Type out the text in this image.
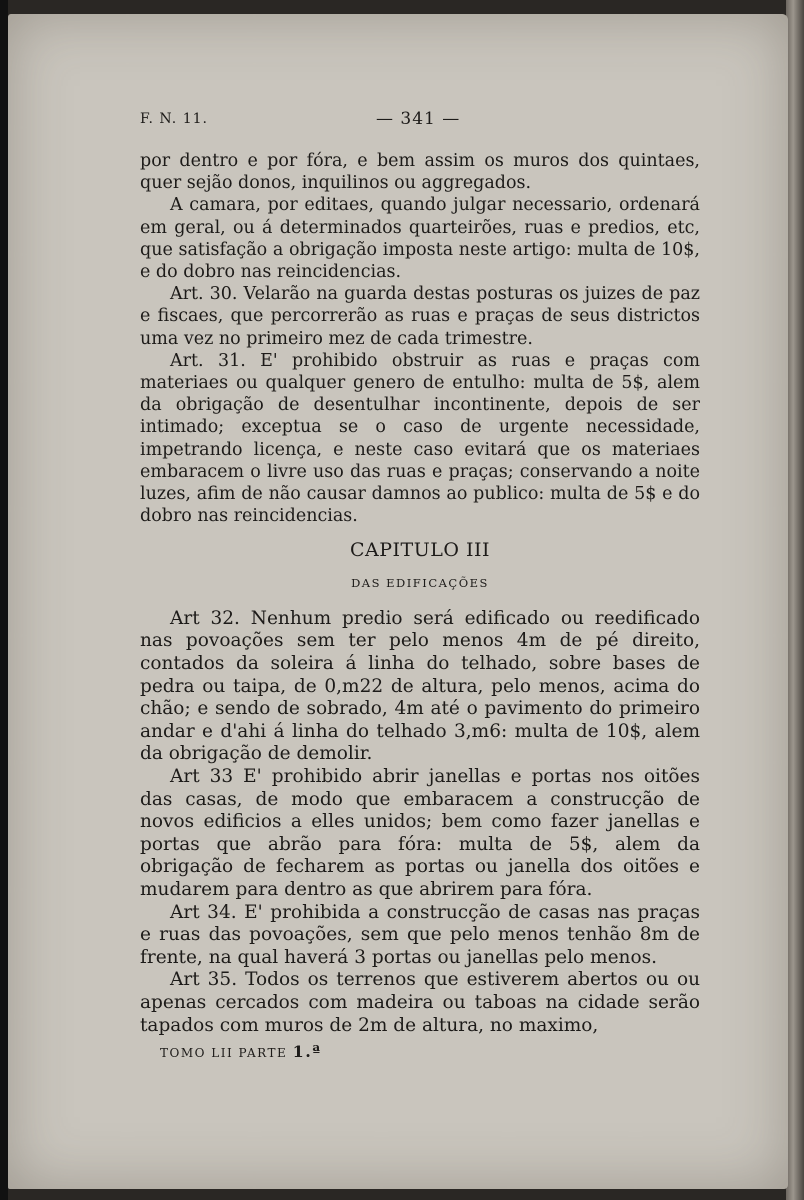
F. N. 11.	— 341 —

por dentro e por fóra, e bem assim os muros dos quintaes, quer sejão donos, inquilinos ou aggregados.

A camara, por editaes, quando julgar necessario, ordenará em geral, ou á determinados quarteirões, ruas e predios, etc, que satisfação a obrigação imposta neste artigo: multa de 10$, e do dobro nas reincidencias.

Art. 30. Velarão na guarda destas posturas os juizes de paz e fiscaes, que percorrerão as ruas e praças de seus districtos uma vez no primeiro mez de cada trimestre.

Art. 31. E' prohibido obstruir as ruas e praças com materiaes ou qualquer genero de entulho: multa de 5$, alem da obrigação de desentulhar incontinente, depois de ser intimado; exceptua se o caso de urgente necessidade, impetrando licença, e neste caso evitará que os materiaes embaracem o livre uso das ruas e praças; conservando a noite luzes, afim de não causar damnos ao publico: multa de 5$ e do dobro nas reincidencias.

CAPITULO III
DAS EDIFICAÇÕES

Art 32. Nenhum predio será edificado ou reedificado nas povoações sem ter pelo menos 4m de pé direito, contados da soleira á linha do telhado, sobre bases de pedra ou taipa, de 0,m22 de altura, pelo menos, acima do chão; e sendo de sobrado, 4m até o pavimento do primeiro andar e d'ahi á linha do telhado 3,m6: multa de 10$, alem da obrigação de demolir.

Art 33 E' prohibido abrir janellas e portas nos oitões das casas, de modo que embaracem a construcção de novos edificios a elles unidos; bem como fazer janellas e portas que abrão para fóra: multa de 5$, alem da obrigação de fecharem as portas ou janella dos oitões e mudarem para dentro as que abrirem para fóra.

Art 34. E' prohibida a construcção de casas nas praças e ruas das povoações, sem que pelo menos tenhão 8m de frente, na qual haverá 3 portas ou janellas pelo menos.

Art 35. Todos os terrenos que estiverem abertos ou ou apenas cercados com madeira ou taboas na cidade serão tapados com muros de 2m de altura, no maximo,

TOMO LII PARTE 1.ª
